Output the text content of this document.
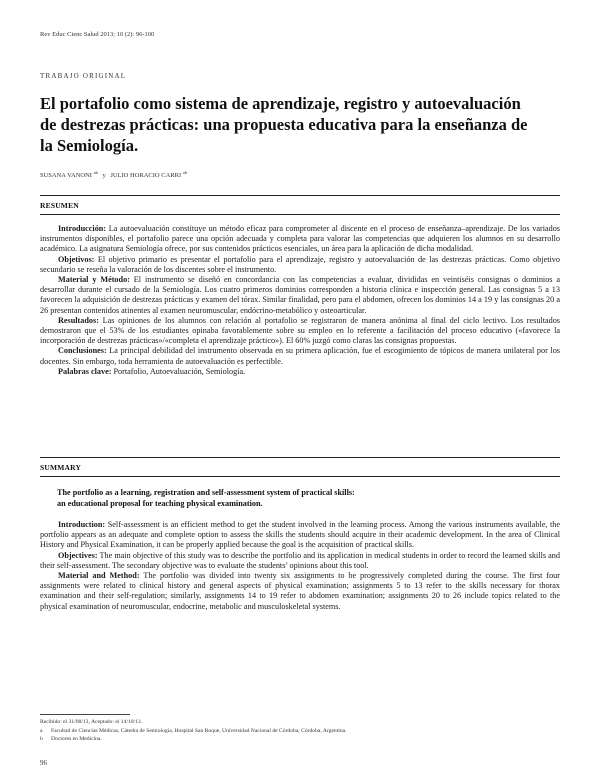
Rev Educ Cienc Salud 2013; 10 (2): 96-100
TRABAJO ORIGINAL
El portafolio como sistema de aprendizaje, registro y autoevaluación
de destrezas prácticas: una propuesta educativa para la enseñanza de
la Semiología.
SUSANA VANONI $^{ab}$ y JULIO HORACIO CARRI $^{ab}$
RESUMEN

Introducción: La autoevaluación constituye un método eficaz para comprometer al discente en el proceso de enseñanza–aprendizaje. De los variados instrumentos disponibles, el portafolio parece una opción adecuada y completa para valorar las competencias que adquieren los alumnos en su desarrollo académico. La asignatura Semiología ofrece, por sus contenidos prácticos esenciales, un área para la aplicación de dicha modalidad.

Objetivos: El objetivo primario es presentar el portafolio para el aprendizaje, registro y autoevaluación de las destrezas prácticas. Como objetivo secundario se reseña la valoración de los discentes sobre el instrumento.

Material y Método: El instrumento se diseñó en concordancia con las competencias a evaluar, divididas en veintiséis consignas o dominios a desarrollar durante el cursado de la Semiología. Los cuatro primeros dominios corresponden a historia clínica e inspección general. Las consignas 5 a 13 favorecen la adquisición de destrezas prácticas y examen del tórax. Similar finalidad, pero para el abdomen, ofrecen los dominios 14 a 19 y las consignas 20 a 26 presentan contenidos atinentes al examen neuromuscular, endócrino-metabólico y osteoarticular.

Resultados: Las opiniones de los alumnos con relación al portafolio se registraron de manera anónima al final del ciclo lectivo. Los resultados demostraron que el 53% de los estudiantes opinaba favorablemente sobre su empleo en lo referente a facilitación del proceso educativo («favorece la incorporación de destrezas prácticas»/«completa el aprendizaje práctico»). El 60% juzgó como claras las consignas propuestas.

Conclusiones: La principal debilidad del instrumento observada en su primera aplicación, fue el escogimiento de tópicos de manera unilateral por los docentes. Sin embargo, toda herramienta de autoevaluación es perfectible.

Palabras clave: Portafolio, Autoevaluación, Semiología.

SUMMARY
The portfolio as a learning, registration and self-assessment system of practical skills:
an educational proposal for teaching physical examination.

Introduction: Self-assessment is an efficient method to get the student involved in the learning process. Among the various instruments available, the portfolio appears as an adequate and complete option to assess the skills the students should acquire in their academic development. In the area of Clinical History and Physical Examination, it can be properly applied because the goal is the acquisition of practical skills.

Objectives: The main objective of this study was to describe the portfolio and its application in medical students in order to record the learned skills and their self-assessment. The secondary objective was to evaluate the students’ opinions about this tool.

Material and Method: The portfolio was divided into twenty six assignments to be progressively completed during the course. The first four assignments were related to clinical history and general aspects of physical examination; assignments 5 to 13 refer to the skills necessary for thorax examination and their self-regulation; similarly, assignments 14 to 19 refer to abdomen examination; assignments 20 to 26 include topics related to the physical examination of neuromuscular, endocrine, metabolic and musculoskeletal systems.

Recibido: el 31/08/13, Aceptado: el 14/10/13.
a Facultad de Ciencias Médicas, Cátedra de Semiología, Hospital San Roque, Universidad Nacional de Córdoba, Córdoba, Argentina.
b Doctores en Medicina.
96
